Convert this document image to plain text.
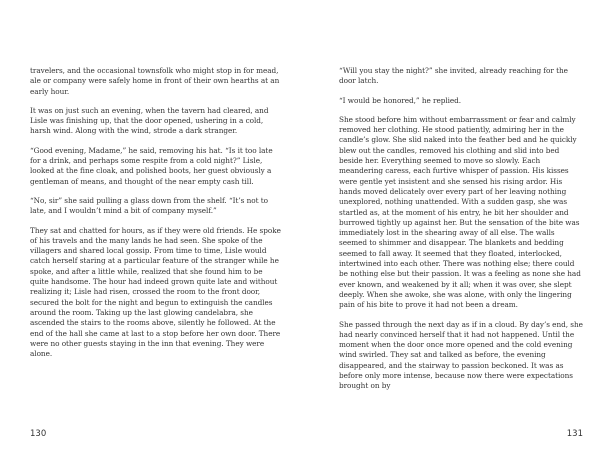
travelers, and the occasional townsfolk who might stop in for mead, ale or company were safely home in front of their own hearths at an early hour.

It was on just such an evening, when the tavern had cleared, and Lisle was finishing up, that the door opened, ushering in a cold, harsh wind. Along with the wind, strode a dark stranger.

“Good evening, Madame,” he said, removing his hat. “Is it too late for a drink, and perhaps some respite from a cold night?” Lisle, looked at the fine cloak, and polished boots, her guest obviously a gentleman of means, and thought of the near empty cash till.

“No, sir” she said pulling a glass down from the shelf. “It’s not to late, and I wouldn’t mind a bit of company myself.”

They sat and chatted for hours, as if they were old friends. He spoke of his travels and the many lands he had seen. She spoke of the villagers and shared local gossip. From time to time, Lisle would catch herself staring at a particular feature of the stranger while he spoke, and after a little while, realized that she found him to be quite handsome. The hour had indeed grown quite late and without realizing it; Lisle had risen, crossed the room to the front door, secured the bolt for the night and begun to extinguish the candles around the room. Taking up the last glowing candelabra, she ascended the stairs to the rooms above, silently he followed. At the end of the hall she came at last to a stop before her own door. There were no other guests staying in the inn that evening. They were alone.

130

“Will you stay the night?” she invited, already reaching for the door latch.

“I would be honored,” he replied.

She stood before him without embarrassment or fear and calmly removed her clothing. He stood patiently, admiring her in the candle’s glow. She slid naked into the feather bed and he quickly blew out the candles, removed his clothing and slid into bed beside her. Everything seemed to move so slowly. Each meandering caress, each furtive whisper of passion. His kisses were gentle yet insistent and she sensed his rising ardor. His hands moved delicately over every part of her leaving nothing unexplored, nothing unattended. With a sudden gasp, she was startled as, at the moment of his entry, he bit her shoulder and burrowed tightly up against her. But the sensation of the bite was immediately lost in the shearing away of all else. The walls seemed to shimmer and disappear. The blankets and bedding seemed to fall away. It seemed that they floated, interlocked, intertwined into each other. There was nothing else; there could be nothing else but their passion. It was a feeling as none she had ever known, and weakened by it all; when it was over, she slept deeply. When she awoke, she was alone, with only the lingering pain of his bite to prove it had not been a dream.

She passed through the next day as if in a cloud. By day’s end, she had nearly convinced herself that it had not happened. Until the moment when the door once more opened and the cold evening wind swirled. They sat and talked as before, the evening disappeared, and the stairway to passion beckoned. It was as before only more intense, because now there were expectations brought on by

131
